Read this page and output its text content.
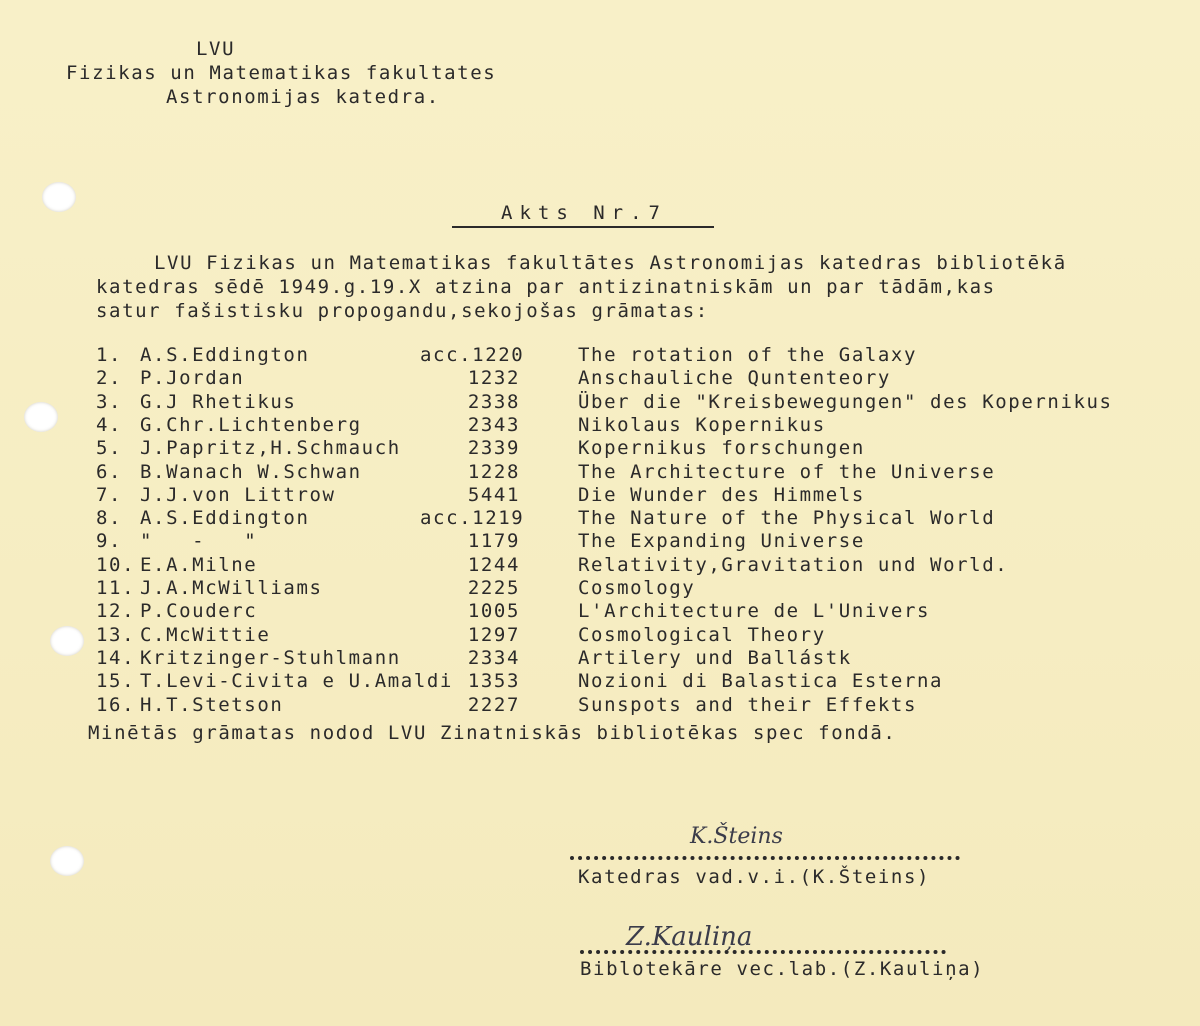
LVU
Fizikas un Matematikas fakultates
Astronomijas katedra.
Akts Nr.7
LVU Fizikas un Matematikas fakultātes Astronomijas katedras bibliotēkā
katedras sēdē 1949.g.19.X atzina par antizinatniskām un par tādām,kas
satur fašistisku propogandu,sekojošas grāmatas:
1. A.S.Eddington	acc.1220	The rotation of the Galaxy
2. P.Jordan	1232	Anschauliche Quntenteory
3. G.J Rhetikus	2338	Über die "Kreisbewegungen" des Kopernikus
4. G.Chr.Lichtenberg	2343	Nikolaus Kopernikus
5. J.Papritz,H.Schmauch	2339	Kopernikus forschungen
6. B.Wanach W.Schwan	1228	The Architecture of the Universe
7. J.J.von Littrow	5441	Die Wunder des Himmels
8. A.S.Eddington	acc.1219	The Nature of the Physical World
9. "   -   "	1179	The Expanding Universe
10. E.A.Milne	1244	Relativity,Gravitation und World.
11. J.A.McWilliams	2225	Cosmology
12. P.Couderc	1005	L'Architecture de L'Univers
13. C.McWittie	1297	Cosmological Theory
14. Kritzinger-Stuhlmann	2334	Artilery und Ballástk
15. T.Levi-Civita e U.Amaldi 1353	Nozioni di Balastica Esterna
16. H.T.Stetson	2227	Sunspots and their Effekts
Minētās grāmatas nodod LVU Zinatniskās bibliotēkas spec fondā.
K.Šteins
Katedras vad.v.i.(K.Šteins)
Z.Kauliņa
Biblotekāre vec.lab.(Z.Kauliņa)
